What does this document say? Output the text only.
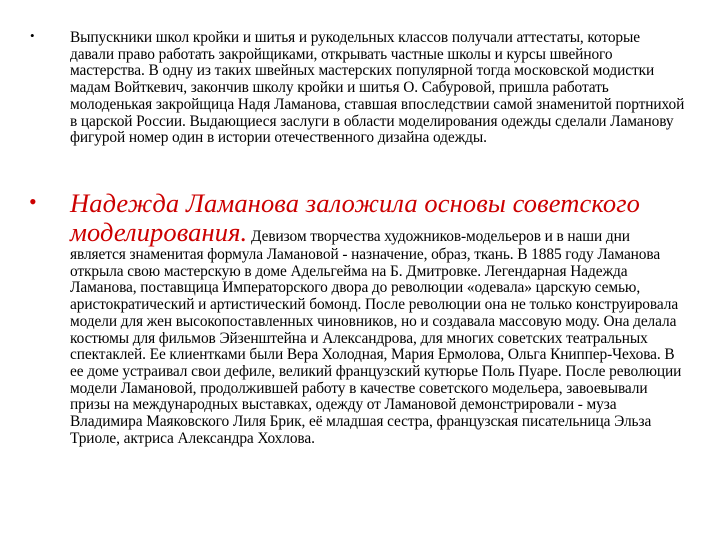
• Выпускники школ кройки и шитья и рукодельных классов получали аттестаты, которые давали право работать закройщиками, открывать частные школы и курсы швейного мастерства. В одну из таких швейных мастерских популярной тогда московской модистки мадам Войткевич, закончив школу кройки и шитья О. Сабуровой, пришла работать молоденькая закройщица Надя Ламанова, ставшая впоследствии самой знаменитой портнихой в царской России. Выдающиеся заслуги в области моделирования одежды сделали Ламанову фигурой номер один в истории отечественного дизайна одежды.

• Надежда Ламанова заложила основы советского моделирования. Девизом творчества художников-модельеров и в наши дни является знаменитая формула Ламановой - назначение, образ, ткань. В 1885 году Ламанова открыла свою мастерскую в доме Адельгейма на Б. Дмитровке. Легендарная Надежда Ламанова, поставщица Императорского двора до революции «одевала» царскую семью, аристократический и артистический бомонд. После революции она не только конструировала модели для жен высокопоставленных чиновников, но и создавала массовую моду. Она делала костюмы для фильмов Эйзенштейна и Александрова, для многих советских театральных спектаклей. Ее клиентками были Вера Холодная, Мария Ермолова, Ольга Книппер-Чехова. В ее доме устраивал свои дефиле, великий французский кутюрье Поль Пуаре. После революции модели Ламановой, продолжившей работу в качестве советского модельера, завоевывали призы на международных выставках, одежду от Ламановой демонстрировали - муза Владимира Маяковского Лиля Брик, её младшая сестра, французская писательница Эльза Триоле, актриса Александра Хохлова.
